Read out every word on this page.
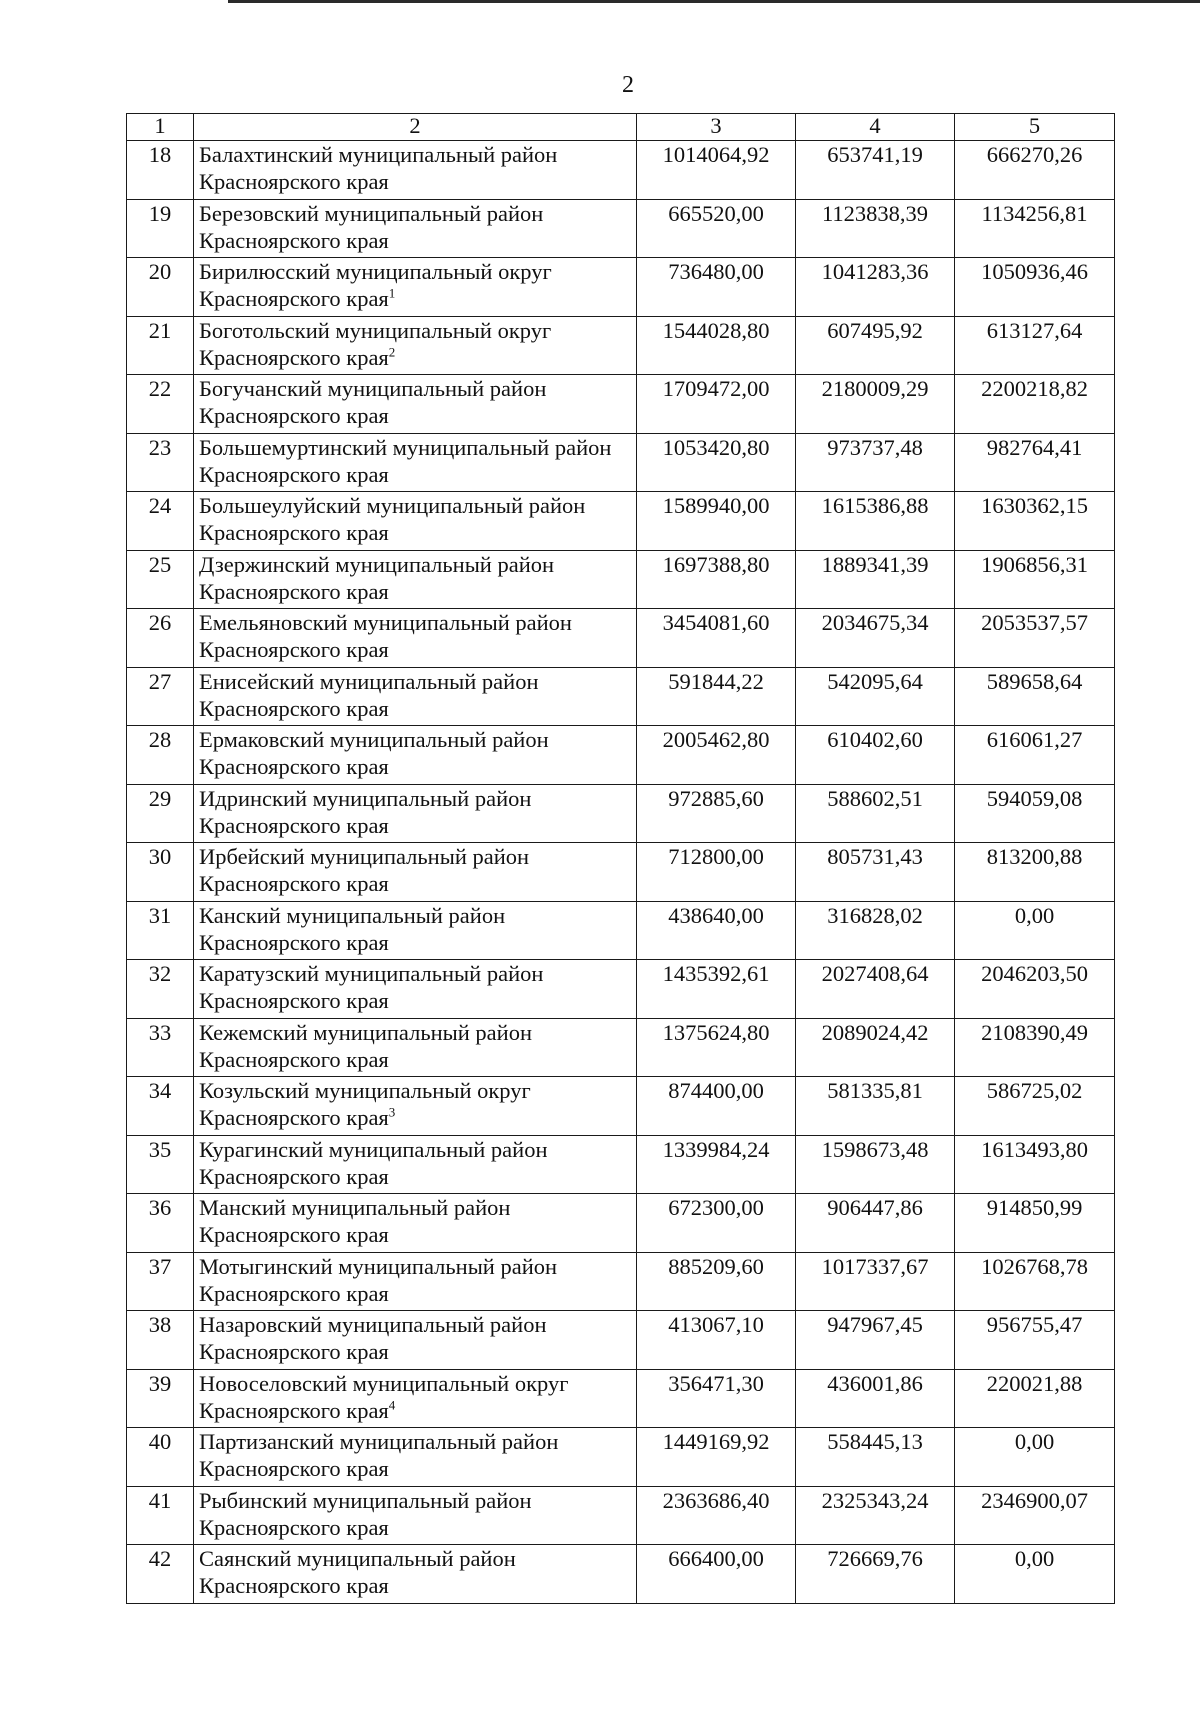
2
1	2	3	4	5
18	Балахтинский муниципальный район Красноярского края	1014064,92	653741,19	666270,26
19	Березовский муниципальный район Красноярского края	665520,00	1123838,39	1134256,81
20	Бирилюсский муниципальный округ Красноярского края$^1$	736480,00	1041283,36	1050936,46
21	Боготольский муниципальный округ Красноярского края$^2$	1544028,80	607495,92	613127,64
22	Богучанский муниципальный район Красноярского края	1709472,00	2180009,29	2200218,82
23	Большемуртинский муниципальный район Красноярского края	1053420,80	973737,48	982764,41
24	Большеулуйский муниципальный район Красноярского края	1589940,00	1615386,88	1630362,15
25	Дзержинский муниципальный район Красноярского края	1697388,80	1889341,39	1906856,31
26	Емельяновский муниципальный район Красноярского края	3454081,60	2034675,34	2053537,57
27	Енисейский муниципальный район Красноярского края	591844,22	542095,64	589658,64
28	Ермаковский муниципальный район Красноярского края	2005462,80	610402,60	616061,27
29	Идринский муниципальный район Красноярского края	972885,60	588602,51	594059,08
30	Ирбейский муниципальный район Красноярского края	712800,00	805731,43	813200,88
31	Канский муниципальный район Красноярского края	438640,00	316828,02	0,00
32	Каратузский муниципальный район Красноярского края	1435392,61	2027408,64	2046203,50
33	Кежемский муниципальный район Красноярского края	1375624,80	2089024,42	2108390,49
34	Козульский муниципальный округ Красноярского края$^3$	874400,00	581335,81	586725,02
35	Курагинский муниципальный район Красноярского края	1339984,24	1598673,48	1613493,80
36	Манский муниципальный район Красноярского края	672300,00	906447,86	914850,99
37	Мотыгинский муниципальный район Красноярского края	885209,60	1017337,67	1026768,78
38	Назаровский муниципальный район Красноярского края	413067,10	947967,45	956755,47
39	Новоселовский муниципальный округ Красноярского края$^4$	356471,30	436001,86	220021,88
40	Партизанский муниципальный район Красноярского края	1449169,92	558445,13	0,00
41	Рыбинский муниципальный район Красноярского края	2363686,40	2325343,24	2346900,07
42	Саянский муниципальный район Красноярского края	666400,00	726669,76	0,00
